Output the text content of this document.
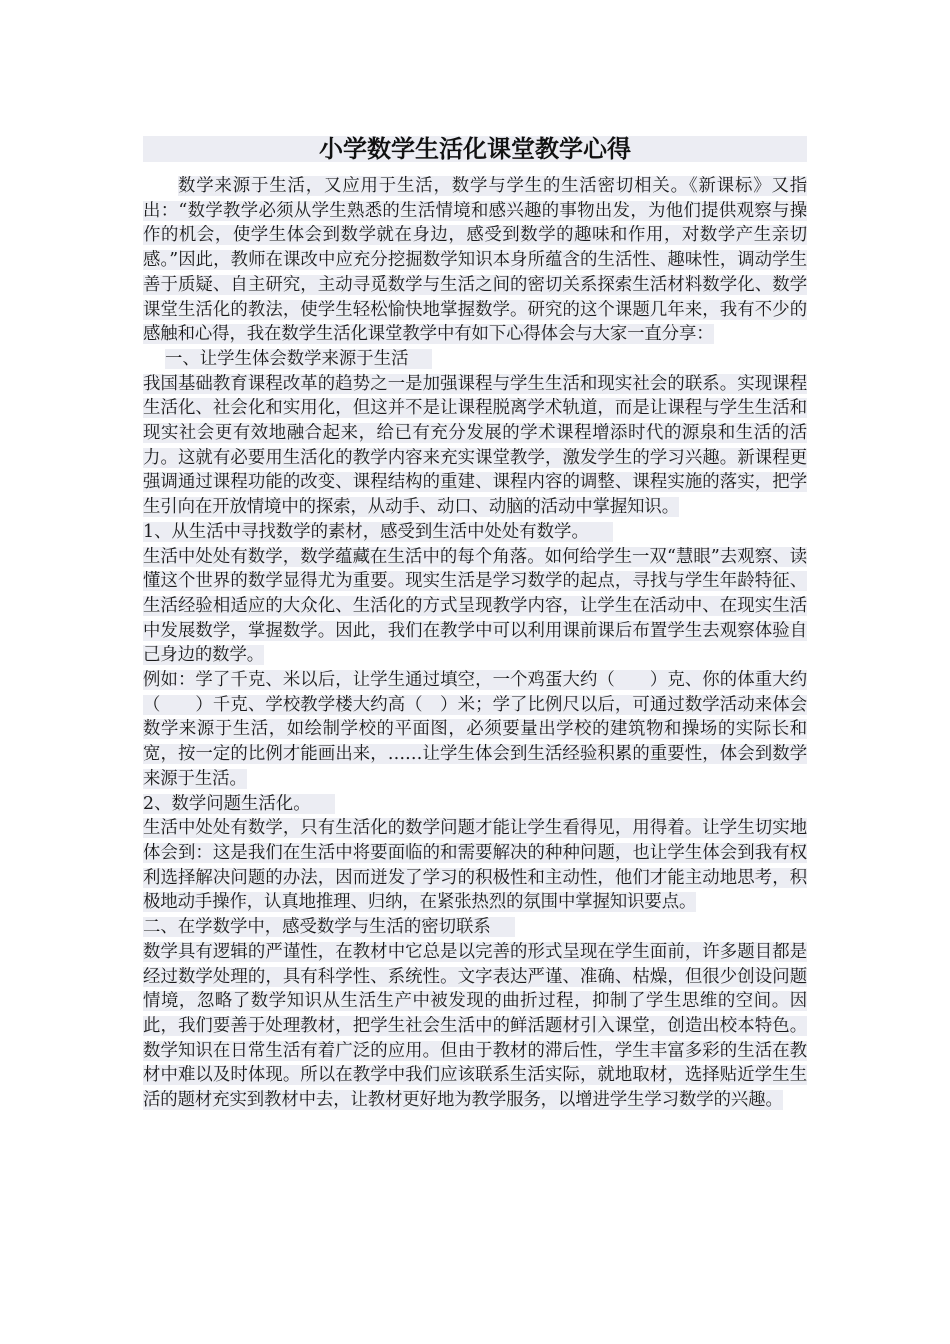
小学数学生活化课堂教学心得

数学来源于生活，又应用于生活，数学与学生的生活密切相关。《新课标》又指出：“数学教学必须从学生熟悉的生活情境和感兴趣的事物出发，为他们提供观察与操作的机会，使学生体会到数学就在身边，感受到数学的趣味和作用，对数学产生亲切感。”因此，教师在课改中应充分挖掘数学知识本身所蕴含的生活性、趣味性，调动学生善于质疑、自主研究，主动寻觅数学与生活之间的密切关系探索生活材料数学化、数学课堂生活化的教法，使学生轻松愉快地掌握数学。研究的这个课题几年来，我有不少的感触和心得，我在数学生活化课堂教学中有如下心得体会与大家一直分享：

一、让学生体会数学来源于生活

我国基础教育课程改革的趋势之一是加强课程与学生生活和现实社会的联系。实现课程生活化、社会化和实用化，但这并不是让课程脱离学术轨道，而是让课程与学生生活和现实社会更有效地融合起来，给已有充分发展的学术课程增添时代的源泉和生活的活力。这就有必要用生活化的教学内容来充实课堂教学，激发学生的学习兴趣。新课程更强调通过课程功能的改变、课程结构的重建、课程内容的调整、课程实施的落实，把学生引向在开放情境中的探索，从动手、动口、动脑的活动中掌握知识。

1、从生活中寻找数学的素材，感受到生活中处处有数学。

生活中处处有数学，数学蕴藏在生活中的每个角落。如何给学生一双“慧眼”去观察、读懂这个世界的数学显得尤为重要。现实生活是学习数学的起点，寻找与学生年龄特征、生活经验相适应的大众化、生活化的方式呈现教学内容，让学生在活动中、在现实生活中发展数学，掌握数学。因此，我们在教学中可以利用课前课后布置学生去观察体验自己身边的数学。

例如：学了千克、米以后，让学生通过填空，一个鸡蛋大约（　　）克、你的体重大约（　　）千克、学校教学楼大约高（　）米；学了比例尺以后，可通过数学活动来体会数学来源于生活，如绘制学校的平面图，必须要量出学校的建筑物和操场的实际长和宽，按一定的比例才能画出来，……让学生体会到生活经验积累的重要性，体会到数学来源于生活。

2、数学问题生活化。

生活中处处有数学，只有生活化的数学问题才能让学生看得见，用得着。让学生切实地体会到：这是我们在生活中将要面临的和需要解决的种种问题，也让学生体会到我有权利选择解决问题的办法，因而迸发了学习的积极性和主动性，他们才能主动地思考，积极地动手操作，认真地推理、归纳，在紧张热烈的氛围中掌握知识要点。

二、在学数学中，感受数学与生活的密切联系

数学具有逻辑的严谨性，在教材中它总是以完善的形式呈现在学生面前，许多题目都是经过数学处理的，具有科学性、系统性。文字表达严谨、准确、枯燥，但很少创设问题情境，忽略了数学知识从生活生产中被发现的曲折过程，抑制了学生思维的空间。因此，我们要善于处理教材，把学生社会生活中的鲜活题材引入课堂，创造出校本特色。数学知识在日常生活有着广泛的应用。但由于教材的滞后性，学生丰富多彩的生活在教材中难以及时体现。所以在教学中我们应该联系生活实际，就地取材，选择贴近学生生活的题材充实到教材中去，让教材更好地为教学服务，以增进学生学习数学的兴趣。
